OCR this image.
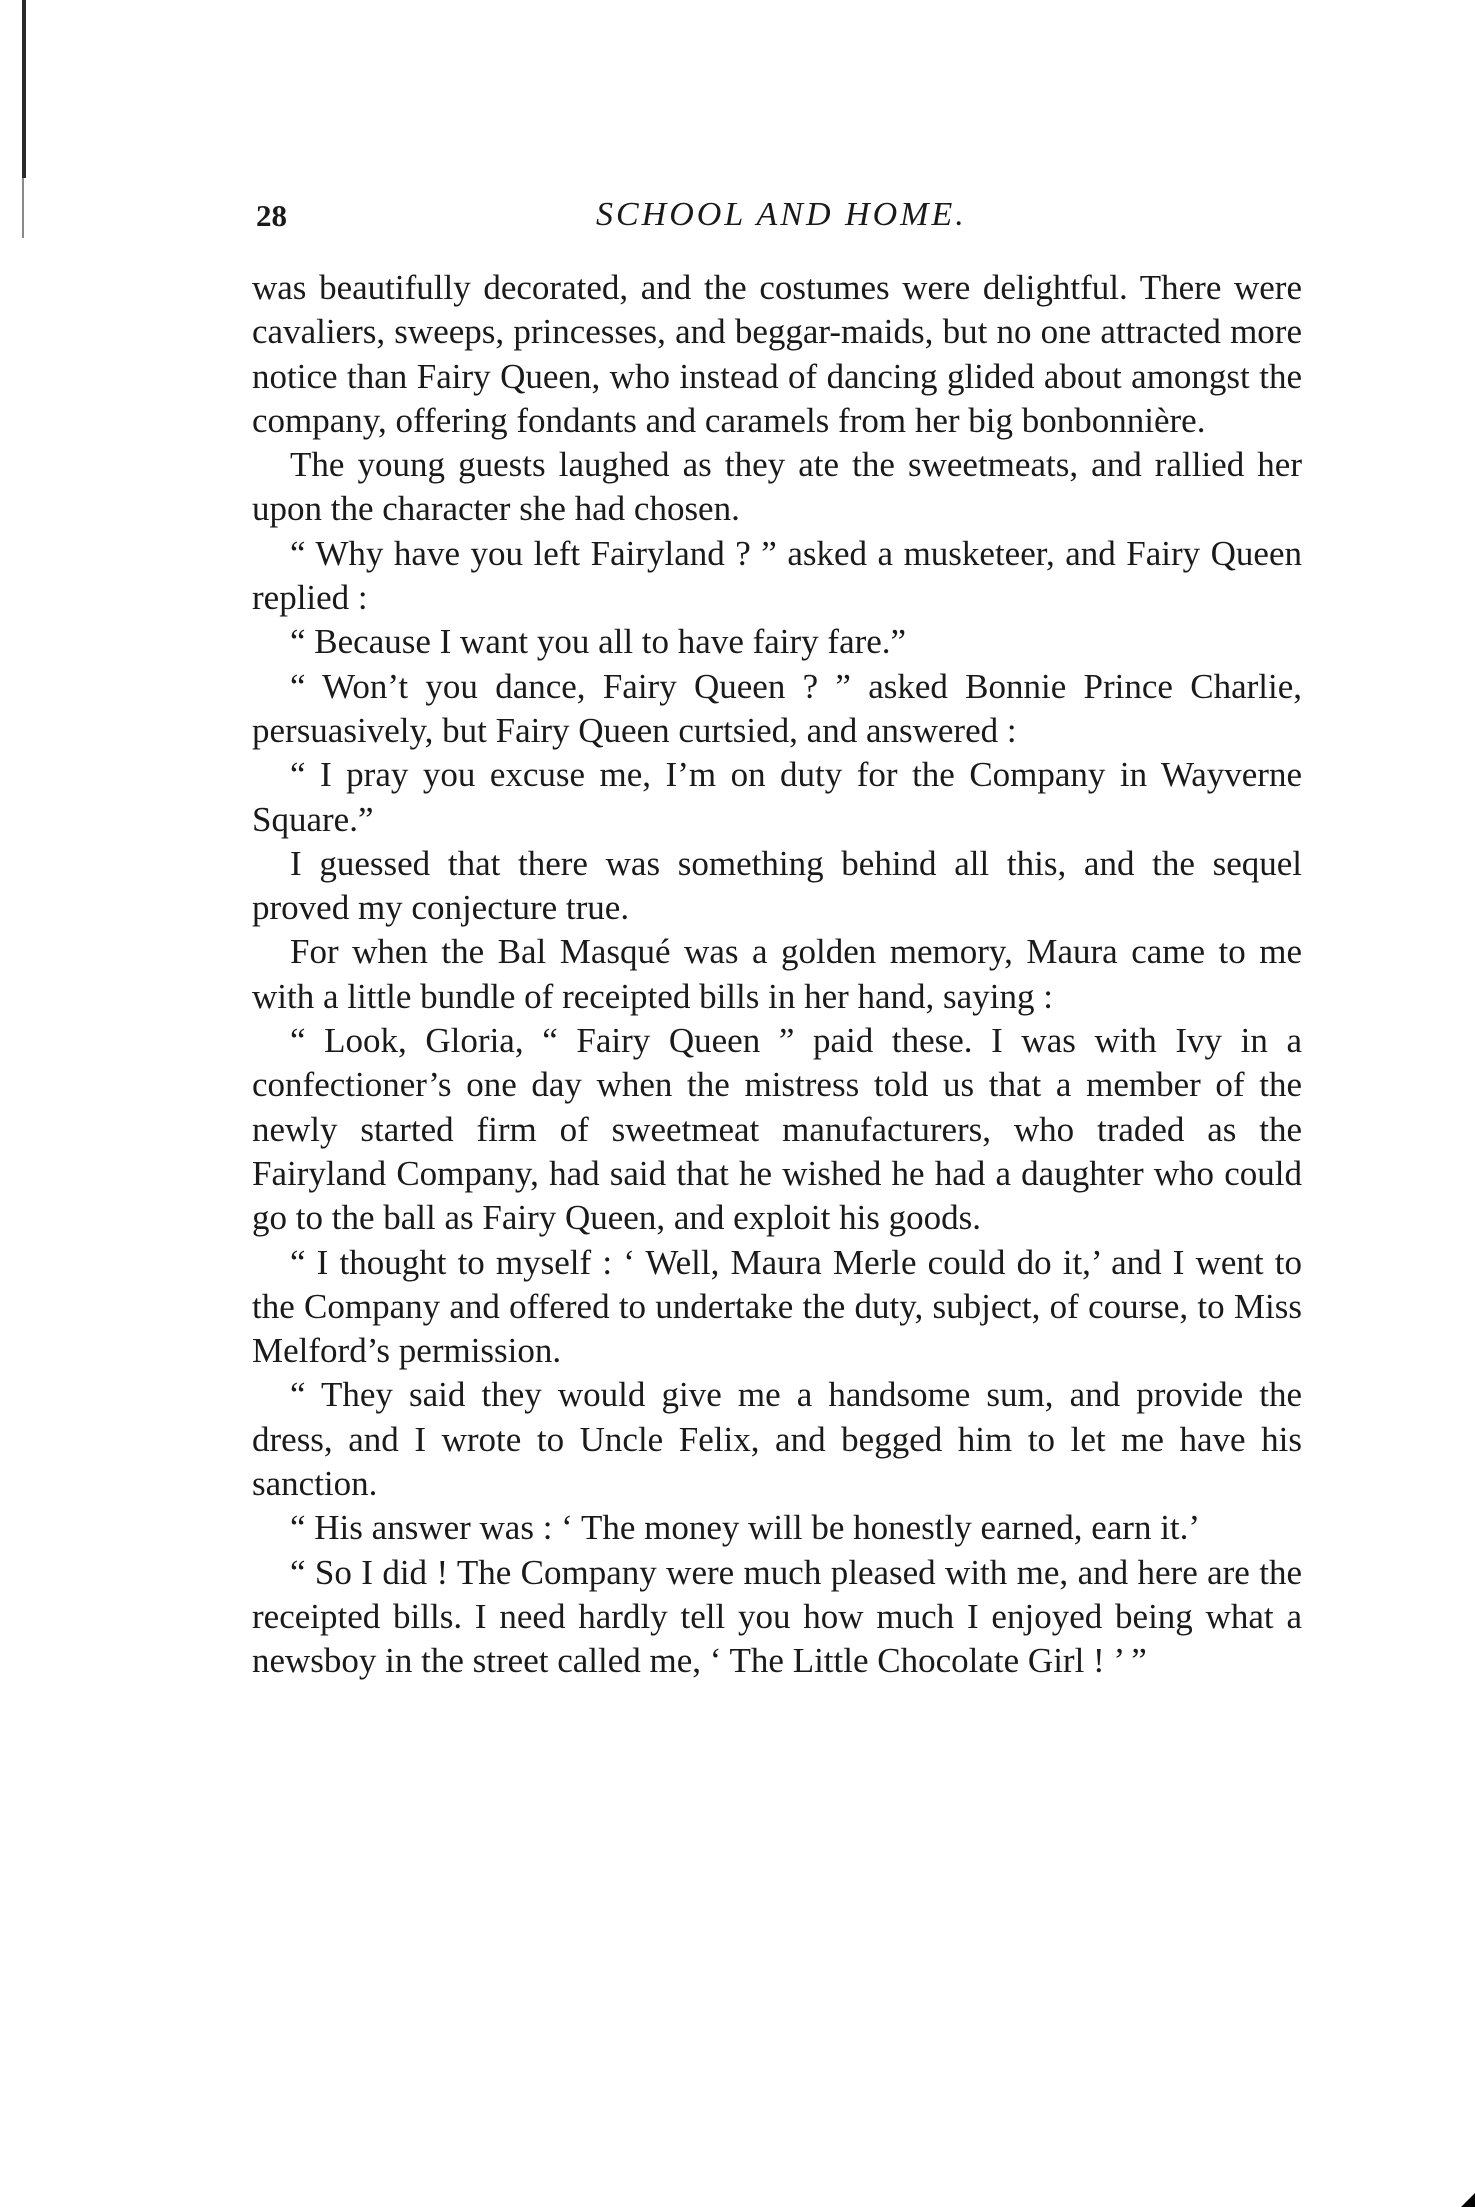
28	SCHOOL AND HOME.

was beautifully decorated, and the costumes were delightful. There were cavaliers, sweeps, princesses, and beggar-maids, but no one attracted more notice than Fairy Queen, who instead of dancing glided about amongst the company, offering fondants and caramels from her big bonbonnière.

The young guests laughed as they ate the sweetmeats, and rallied her upon the character she had chosen.

“ Why have you left Fairyland ? ” asked a musketeer, and Fairy Queen replied :

“ Because I want you all to have fairy fare.”

“ Won’t you dance, Fairy Queen ? ” asked Bonnie Prince Charlie, persuasively, but Fairy Queen curtsied, and answered :

“ I pray you excuse me, I’m on duty for the Company in Wayverne Square.”

I guessed that there was something behind all this, and the sequel proved my conjecture true.

For when the Bal Masqué was a golden memory, Maura came to me with a little bundle of receipted bills in her hand, saying :

“ Look, Gloria, “ Fairy Queen ” paid these. I was with Ivy in a confectioner’s one day when the mistress told us that a member of the newly started firm of sweetmeat manufacturers, who traded as the Fairyland Company, had said that he wished he had a daughter who could go to the ball as Fairy Queen, and exploit his goods.

“ I thought to myself : ‘ Well, Maura Merle could do it,’ and I went to the Company and offered to undertake the duty, subject, of course, to Miss Melford’s permission.

“ They said they would give me a handsome sum, and provide the dress, and I wrote to Uncle Felix, and begged him to let me have his sanction.

“ His answer was : ‘ The money will be honestly earned, earn it.’

“ So I did ! The Company were much pleased with me, and here are the receipted bills. I need hardly tell you how much I enjoyed being what a newsboy in the street called me, ‘ The Little Chocolate Girl ! ’ ”
